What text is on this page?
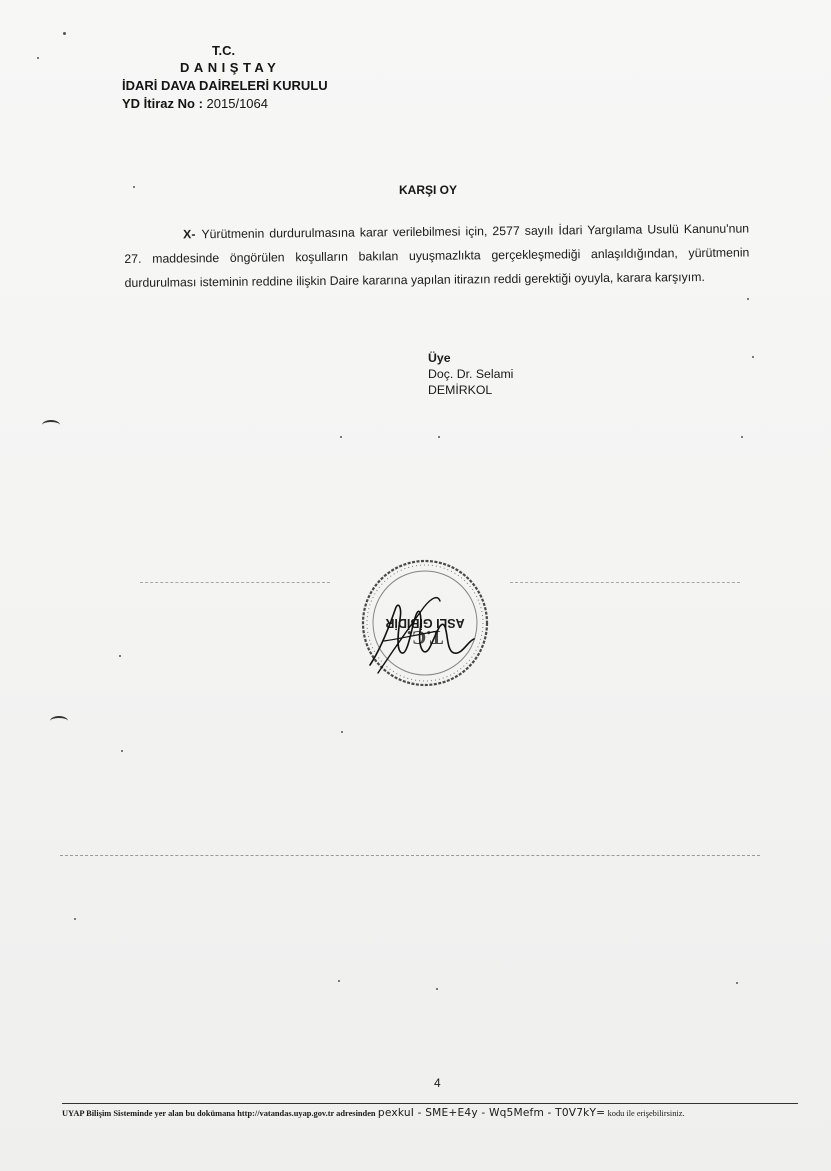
T.C.
DANIŞTAY
İDARİ DAVA DAİRELERİ KURULU
YD İtiraz No : 2015/1064
KARŞI OY
X- Yürütmenin durdurulmasına karar verilebilmesi için, 2577 sayılı İdari Yargılama Usulü Kanunu'nun 27. maddesinde öngörülen koşulların bakılan uyuşmazlıkta gerçekleşmediği anlaşıldığından, yürütmenin durdurulması isteminin reddine ilişkin Daire kararına yapılan itirazın reddi gerektiği oyuyla, karara karşıyım.
Üye
Doç. Dr. Selami
DEMİRKOL
T.C.
ASLI GİBİDİR
4
UYAP Bilişim Sisteminde yer alan bu dokümana http://vatandas.uyap.gov.tr adresinden pexkuI - SME+E4y - Wq5Mefm - T0V7kY= kodu ile erişebilirsiniz.
